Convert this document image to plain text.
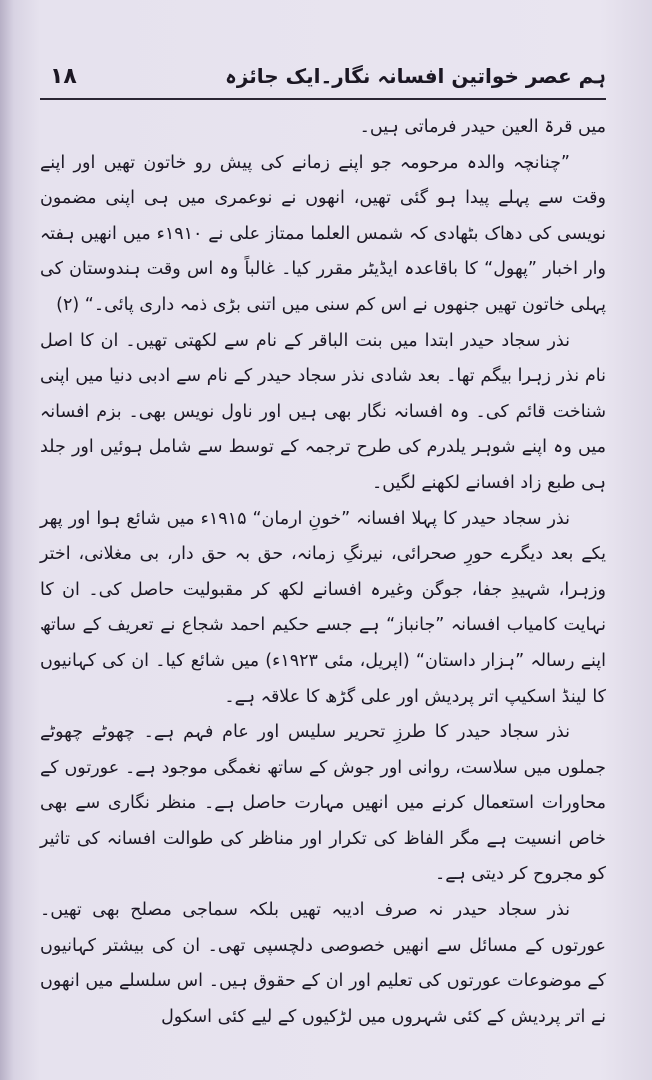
ہم عصر خواتین افسانہ نگار۔ایک جائزہ
۱۸

میں قرۃ العین حیدر فرماتی ہیں۔

”چنانچہ والدہ مرحومہ جو اپنے زمانے کی پیش رو خاتون تھیں اور اپنے وقت سے پہلے پیدا ہو گئی تھیں، انھوں نے نوعمری میں ہی اپنی مضمون نویسی کی دھاک بٹھادی کہ شمس العلما ممتاز علی نے ۱۹۱۰ء میں انھیں ہفتہ وار اخبار ”پھول“ کا باقاعدہ ایڈیٹر مقرر کیا۔ غالباً وہ اس وقت ہندوستان کی پہلی خاتون تھیں جنھوں نے اس کم سنی میں اتنی بڑی ذمہ داری پائی۔“ (۲)

نذر سجاد حیدر ابتدا میں بنت الباقر کے نام سے لکھتی تھیں۔ ان کا اصل نام نذر زہرا بیگم تھا۔ بعد شادی نذر سجاد حیدر کے نام سے ادبی دنیا میں اپنی شناخت قائم کی۔ وہ افسانہ نگار بھی ہیں اور ناول نویس بھی۔ بزم افسانہ میں وہ اپنے شوہر یلدرم کی طرح ترجمہ کے توسط سے شامل ہوئیں اور جلد ہی طبع زاد افسانے لکھنے لگیں۔

نذر سجاد حیدر کا پہلا افسانہ ”خونِ ارمان“ ۱۹۱۵ء میں شائع ہوا اور پھر یکے بعد دیگرے حورِ صحرائی، نیرنگِ زمانہ، حق بہ حق دار، بی مغلانی، اختر وزہرا، شہیدِ جفا، جوگن وغیرہ افسانے لکھ کر مقبولیت حاصل کی۔ ان کا نہایت کامیاب افسانہ ”جانباز“ ہے جسے حکیم احمد شجاع نے تعریف کے ساتھ اپنے رسالہ ”ہزار داستان“ (اپریل، مئی ۱۹۲۳ء) میں شائع کیا۔ ان کی کہانیوں کا لینڈ اسکیپ اتر پردیش اور علی گڑھ کا علاقہ ہے۔

نذر سجاد حیدر کا طرزِ تحریر سلیس اور عام فہم ہے۔ چھوٹے چھوٹے جملوں میں سلاست، روانی اور جوش کے ساتھ نغمگی موجود ہے۔ عورتوں کے محاورات استعمال کرنے میں انھیں مہارت حاصل ہے۔ منظر نگاری سے بھی خاص انسیت ہے مگر الفاظ کی تکرار اور مناظر کی طوالت افسانہ کی تاثیر کو مجروح کر دیتی ہے۔

نذر سجاد حیدر نہ صرف ادیبہ تھیں بلکہ سماجی مصلح بھی تھیں۔ عورتوں کے مسائل سے انھیں خصوصی دلچسپی تھی۔ ان کی بیشتر کہانیوں کے موضوعات عورتوں کی تعلیم اور ان کے حقوق ہیں۔ اس سلسلے میں انھوں نے اتر پردیش کے کئی شہروں میں لڑکیوں کے لیے کئی اسکول
